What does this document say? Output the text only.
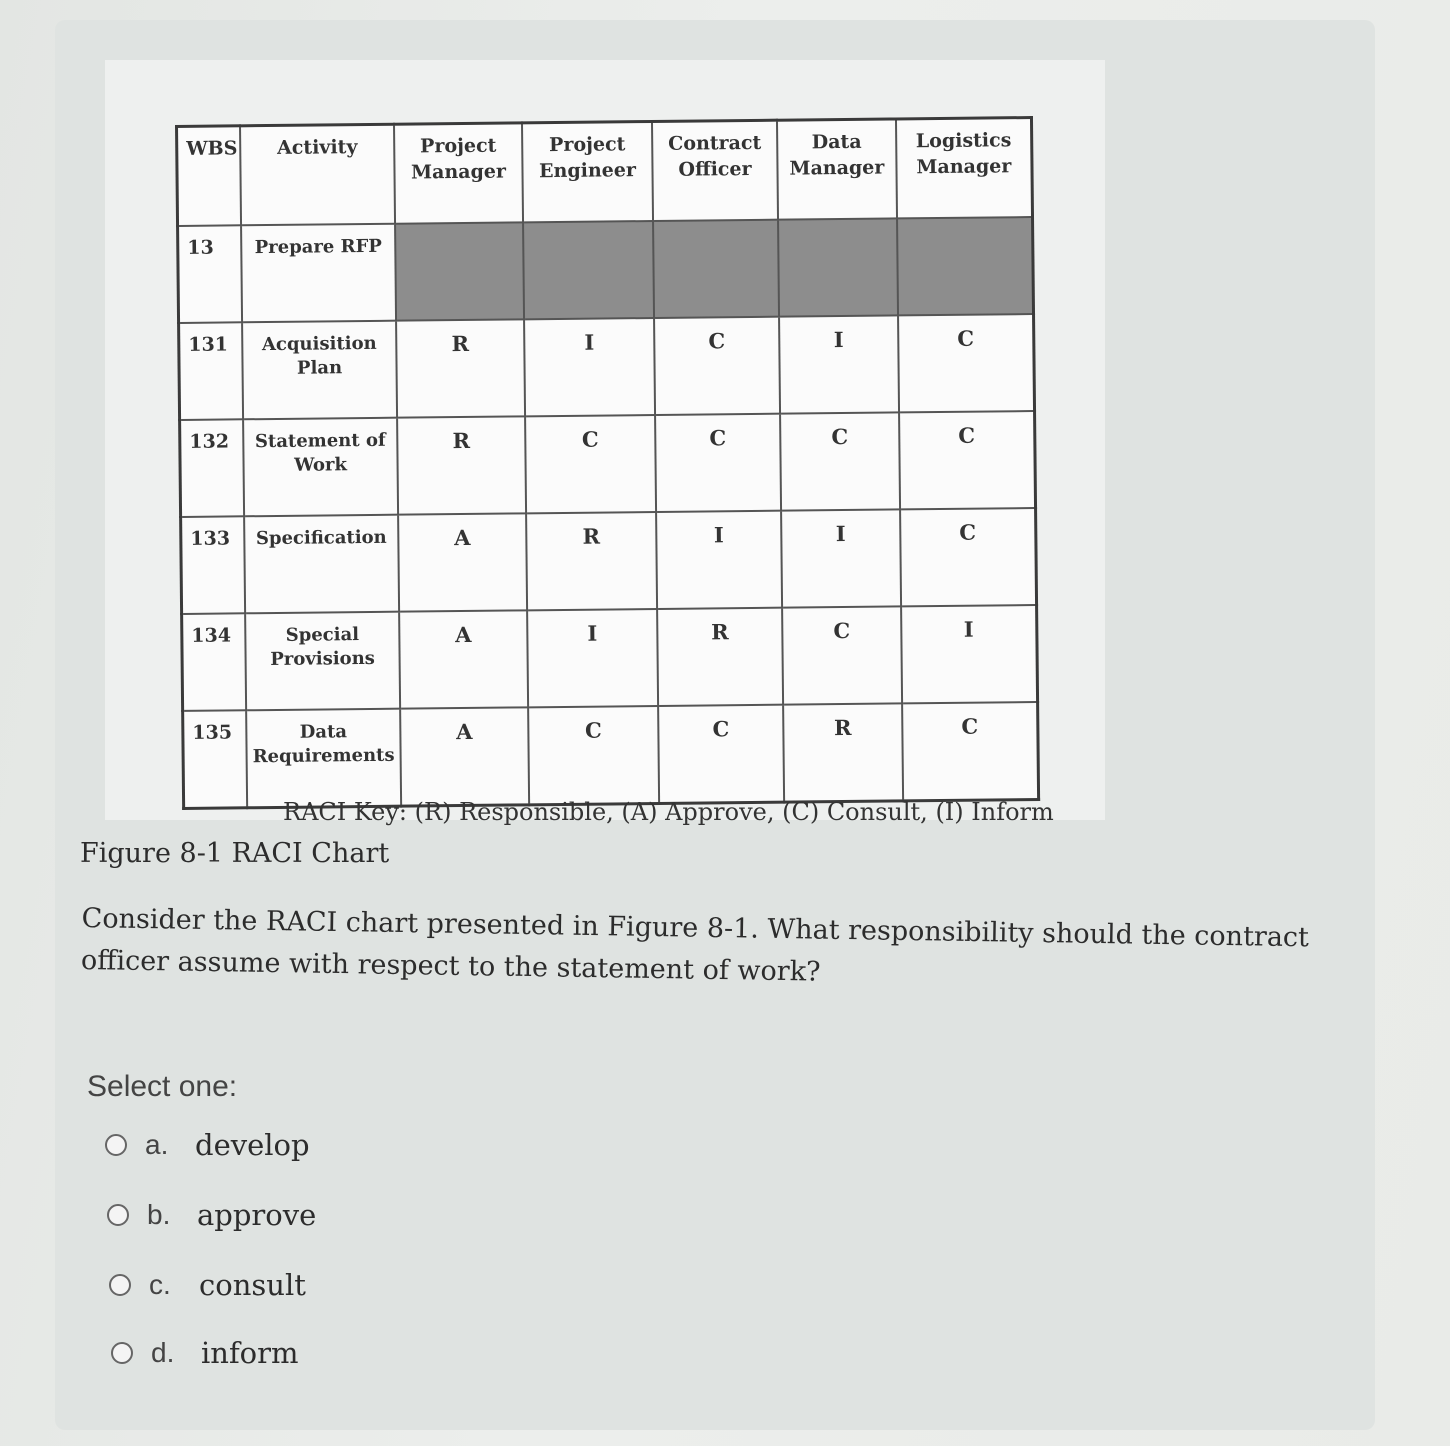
WBS	Activity	Project Manager	Project Engineer	Contract Officer	Data Manager	Logistics Manager
13	Prepare RFP					
131	Acquisition Plan	R	I	C	I	C
132	Statement of Work	R	C	C	C	C
133	Specification	A	R	I	I	C
134	Special Provisions	A	I	R	C	I
135	Data Requirements	A	C	C	R	C
RACI Key: (R) Responsible, (A) Approve, (C) Consult, (I) Inform
Figure 8-1 RACI Chart
Consider the RACI chart presented in Figure 8-1. What responsibility should the contract officer assume with respect to the statement of work?
Select one:
a. develop
b. approve
c. consult
d. inform
